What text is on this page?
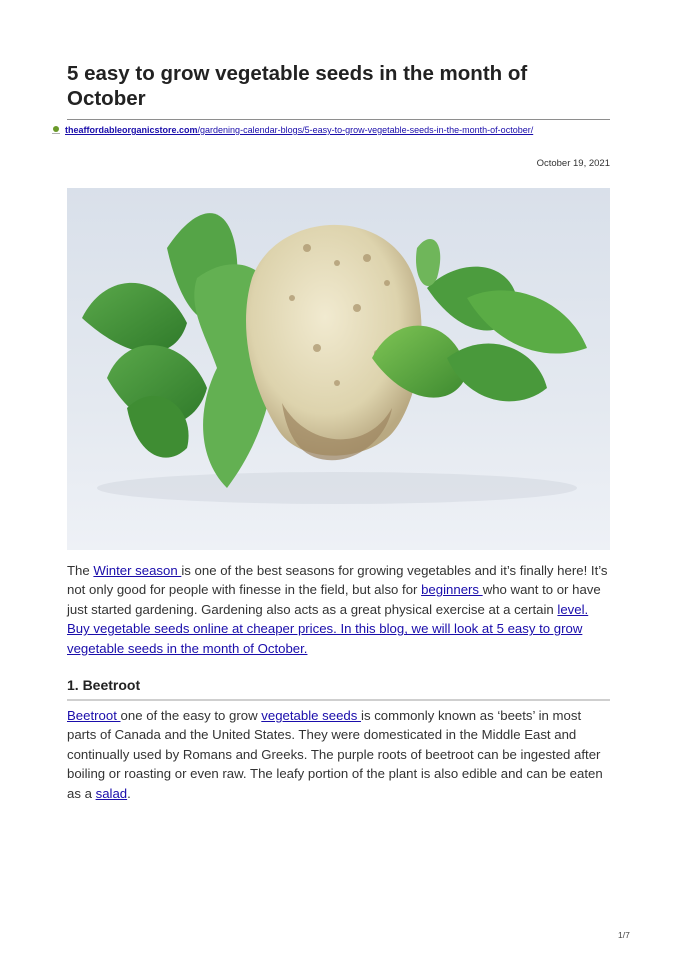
5 easy to grow vegetable seeds in the month of October
theaffordableorganicstore.com/gardening-calendar-blogs/5-easy-to-grow-vegetable-seeds-in-the-month-of-october/
October 19, 2021

The Winter season is one of the best seasons for growing vegetables and it’s finally here! It’s not only good for people with finesse in the field, but also for beginners who want to or have just started gardening. Gardening also acts as a great physical exercise at a certain level. Buy vegetable seeds online at cheaper prices. In this blog, we will look at 5 easy to grow vegetable seeds in the month of October.

1. Beetroot

Beetroot one of the easy to grow vegetable seeds is commonly known as ‘beets’ in most parts of Canada and the United States. They were domesticated in the Middle East and continually used by Romans and Greeks. The purple roots of beetroot can be ingested after boiling or roasting or even raw. The leafy portion of the plant is also edible and can be eaten as a salad.

1/7
